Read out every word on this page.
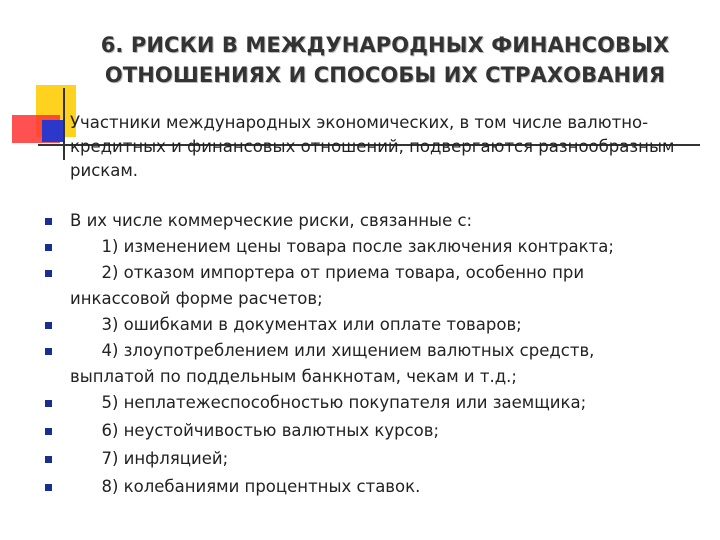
6. РИСКИ В МЕЖДУНАРОДНЫХ ФИНАНСОВЫХ
ОТНОШЕНИЯХ И СПОСОБЫ ИХ СТРАХОВАНИЯ
Участники международных экономических, в том числе валютно-
кредитных и финансовых отношений, подвергаются разнообразным
рискам.
В их числе коммерческие риски, связанные с:
1) изменением цены товара после заключения контракта;
2) отказом импортера от приема товара, особенно при
инкассовой форме расчетов;
3) ошибками в документах или оплате товаров;
4) злоупотреблением или хищением валютных средств,
выплатой по поддельным банкнотам, чекам и т.д.;
5) неплатежеспособностью покупателя или заемщика;
6) неустойчивостью валютных курсов;
7) инфляцией;
8) колебаниями процентных ставок.
